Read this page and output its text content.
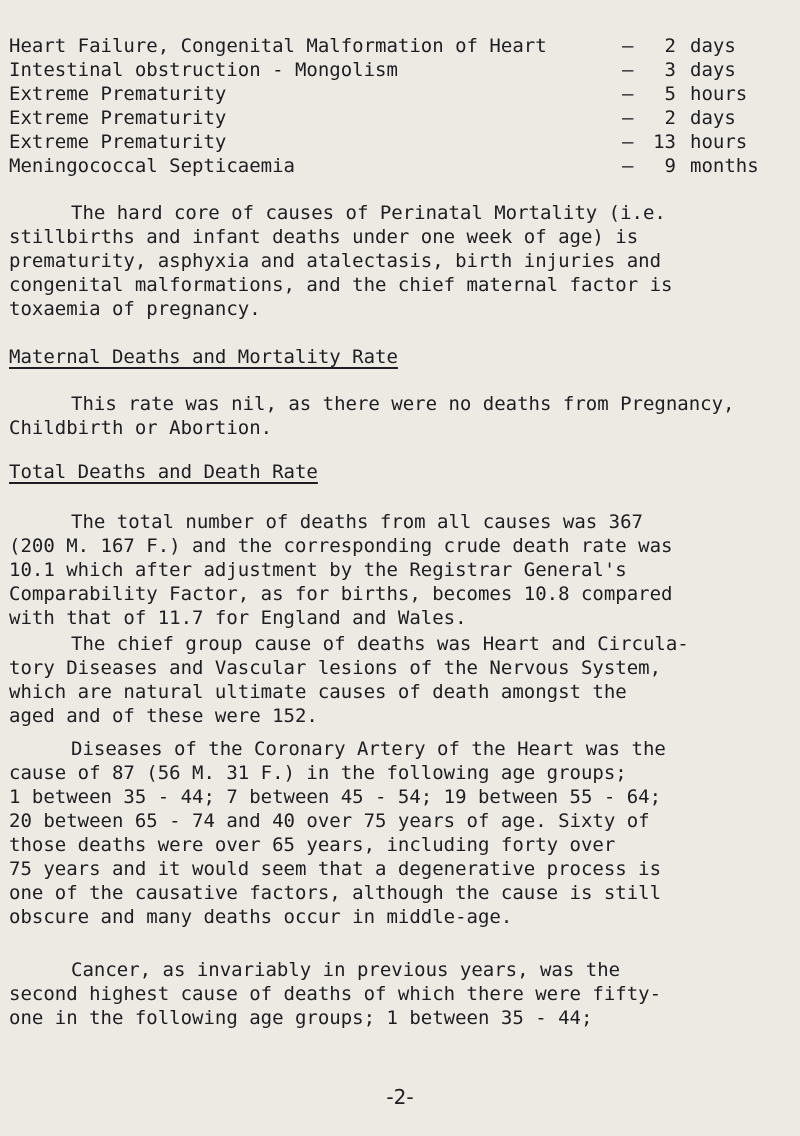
Heart Failure, Congenital Malformation of Heart	–	2 days
Intestinal obstruction - Mongolism	–	3 days
Extreme Prematurity	–	5 hours
Extreme Prematurity	–	2 days
Extreme Prematurity	–	13 hours
Meningococcal Septicaemia	–	9 months

The hard core of causes of Perinatal Mortality (i.e.
stillbirths and infant deaths under one week of age) is
prematurity, asphyxia and atalectasis, birth injuries and
congenital malformations, and the chief maternal factor is
toxaemia of pregnancy.

Maternal Deaths and Mortality Rate

This rate was nil, as there were no deaths from Pregnancy,
Childbirth or Abortion.

Total Deaths and Death Rate

The total number of deaths from all causes was 367
(200 M. 167 F.) and the corresponding crude death rate was
10.1 which after adjustment by the Registrar General's
Comparability Factor, as for births, becomes 10.8 compared
with that of 11.7 for England and Wales.

The chief group cause of deaths was Heart and Circula-
tory Diseases and Vascular lesions of the Nervous System,
which are natural ultimate causes of death amongst the
aged and of these were 152.

Diseases of the Coronary Artery of the Heart was the
cause of 87 (56 M. 31 F.) in the following age groups;
1 between 35 - 44; 7 between 45 - 54; 19 between 55 - 64;
20 between 65 - 74 and 40 over 75 years of age. Sixty of
those deaths were over 65 years, including forty over
75 years and it would seem that a degenerative process is
one of the causative factors, although the cause is still
obscure and many deaths occur in middle-age.

Cancer, as invariably in previous years, was the
second highest cause of deaths of which there were fifty-
one in the following age groups; 1 between 35 - 44;

-2-
